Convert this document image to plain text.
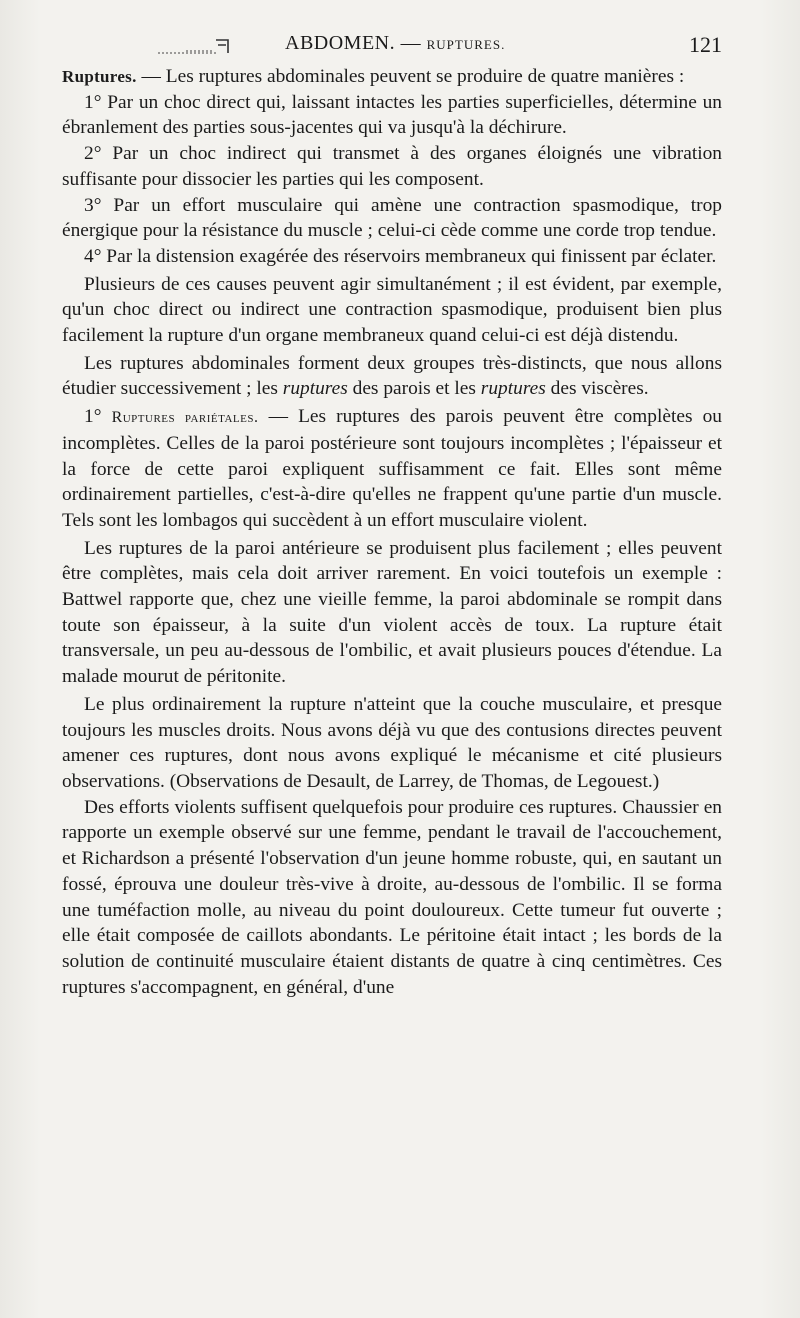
ABDOMEN. — RUPTURES.	121

Ruptures. — Les ruptures abdominales peuvent se produire de quatre manières :

1° Par un choc direct qui, laissant intactes les parties superficielles, détermine un ébranlement des parties sous-jacentes qui va jusqu'à la déchirure.

2° Par un choc indirect qui transmet à des organes éloignés une vibration suffisante pour dissocier les parties qui les composent.

3° Par un effort musculaire qui amène une contraction spasmodique, trop énergique pour la résistance du muscle ; celui-ci cède comme une corde trop tendue.

4° Par la distension exagérée des réservoirs membraneux qui finissent par éclater.

Plusieurs de ces causes peuvent agir simultanément ; il est évident, par exemple, qu'un choc direct ou indirect une contraction spasmodique, produisent bien plus facilement la rupture d'un organe membraneux quand celui-ci est déjà distendu.

Les ruptures abdominales forment deux groupes très-distincts, que nous allons étudier successivement ; les ruptures des parois et les ruptures des viscères.

1° Ruptures pariétales. — Les ruptures des parois peuvent être complètes ou incomplètes. Celles de la paroi postérieure sont toujours incomplètes ; l'épaisseur et la force de cette paroi expliquent suffisamment ce fait. Elles sont même ordinairement partielles, c'est-à-dire qu'elles ne frappent qu'une partie d'un muscle. Tels sont les lombagos qui succèdent à un effort musculaire violent.

Les ruptures de la paroi antérieure se produisent plus facilement ; elles peuvent être complètes, mais cela doit arriver rarement. En voici toutefois un exemple : Battwel rapporte que, chez une vieille femme, la paroi abdominale se rompit dans toute son épaisseur, à la suite d'un violent accès de toux. La rupture était transversale, un peu au-dessous de l'ombilic, et avait plusieurs pouces d'étendue. La malade mourut de péritonite.

Le plus ordinairement la rupture n'atteint que la couche musculaire, et presque toujours les muscles droits. Nous avons déjà vu que des contusions directes peuvent amener ces ruptures, dont nous avons expliqué le mécanisme et cité plusieurs observations. (Observations de Desault, de Larrey, de Thomas, de Legouest.)

Des efforts violents suffisent quelquefois pour produire ces ruptures. Chaussier en rapporte un exemple observé sur une femme, pendant le travail de l'accouchement, et Richardson a présenté l'observation d'un jeune homme robuste, qui, en sautant un fossé, éprouva une douleur très-vive à droite, au-dessous de l'ombilic. Il se forma une tuméfaction molle, au niveau du point douloureux. Cette tumeur fut ouverte ; elle était composée de caillots abondants. Le péritoine était intact ; les bords de la solution de continuité musculaire étaient distants de quatre à cinq centimètres. Ces ruptures s'accompagnent, en général, d'une
